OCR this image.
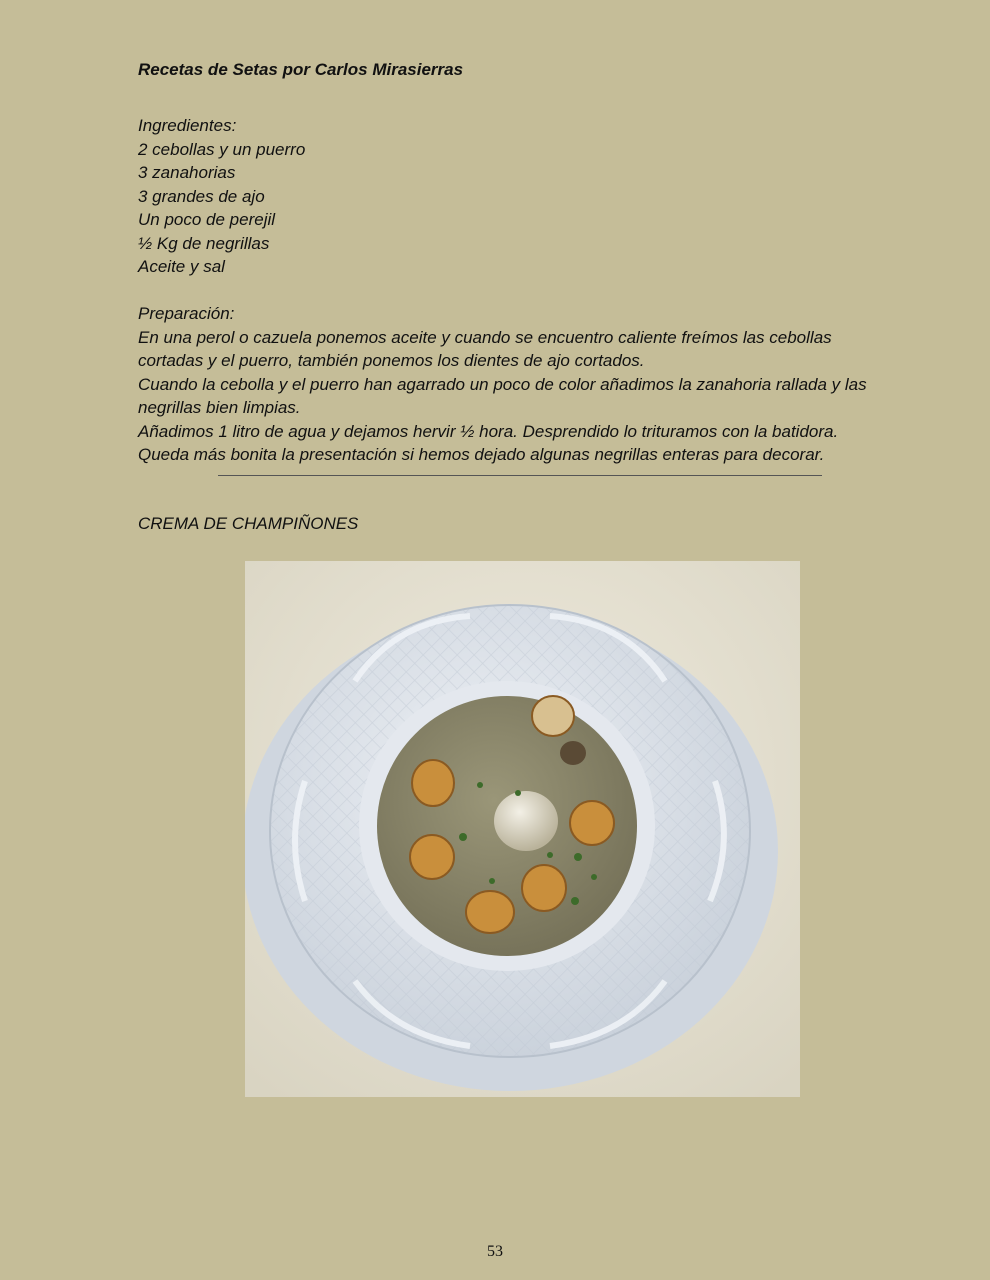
Recetas de Setas por Carlos Mirasierras
Ingredientes:
2 cebollas y un puerro
3 zanahorias
3 grandes de ajo
Un poco de perejil
½ Kg de negrillas
Aceite y sal
Preparación:
En una perol o cazuela ponemos aceite y cuando se encuentro caliente freímos las cebollas
cortadas y el puerro, también ponemos los dientes de ajo cortados.
Cuando la cebolla y el puerro han agarrado un poco de color añadimos la zanahoria rallada y las
negrillas bien limpias.
Añadimos 1 litro de agua y dejamos hervir ½ hora. Desprendido lo trituramos con la batidora.
Queda más bonita la presentación si hemos dejado algunas negrillas enteras para decorar.
CREMA DE CHAMPIÑONES
53
